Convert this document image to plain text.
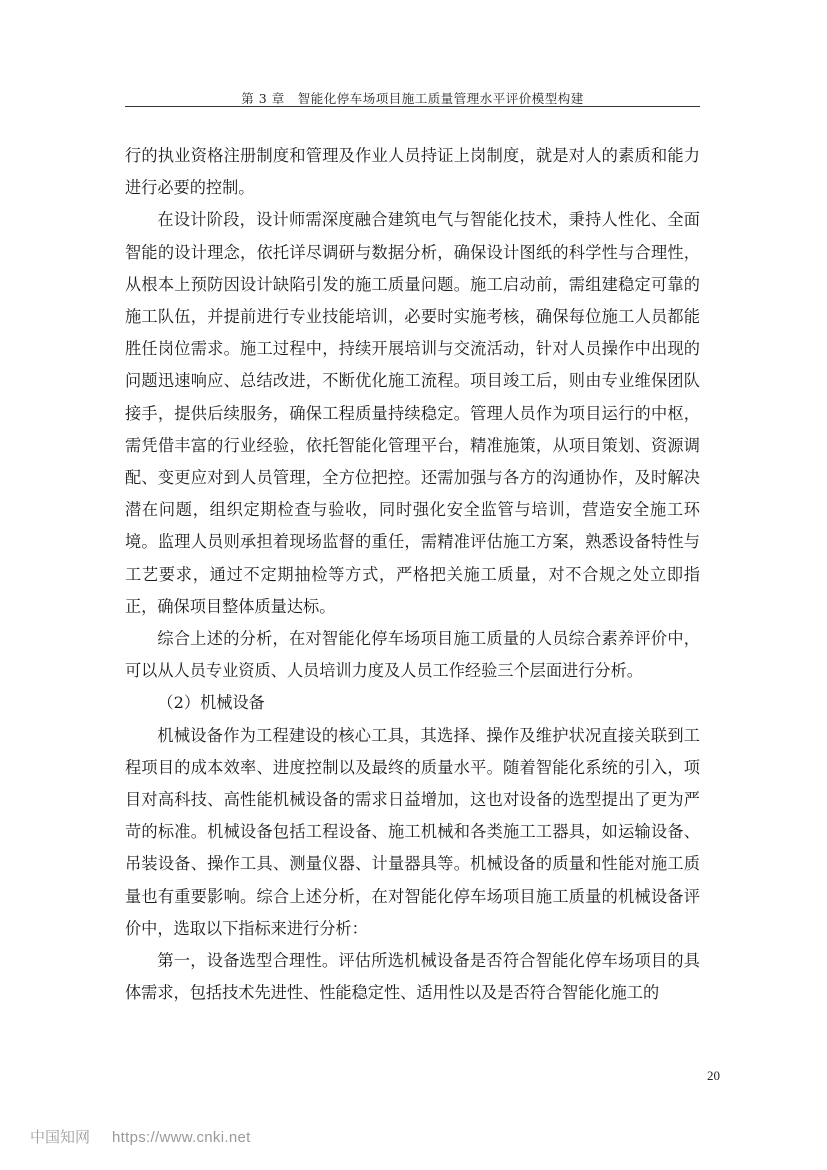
第 3 章　智能化停车场项目施工质量管理水平评价模型构建

行的执业资格注册制度和管理及作业人员持证上岗制度，就是对人的素质和能力进行必要的控制。

在设计阶段，设计师需深度融合建筑电气与智能化技术，秉持人性化、全面智能的设计理念，依托详尽调研与数据分析，确保设计图纸的科学性与合理性，从根本上预防因设计缺陷引发的施工质量问题。施工启动前，需组建稳定可靠的施工队伍，并提前进行专业技能培训，必要时实施考核，确保每位施工人员都能胜任岗位需求。施工过程中，持续开展培训与交流活动，针对人员操作中出现的问题迅速响应、总结改进，不断优化施工流程。项目竣工后，则由专业维保团队接手，提供后续服务，确保工程质量持续稳定。管理人员作为项目运行的中枢，需凭借丰富的行业经验，依托智能化管理平台，精准施策，从项目策划、资源调配、变更应对到人员管理，全方位把控。还需加强与各方的沟通协作，及时解决潜在问题，组织定期检查与验收，同时强化安全监管与培训，营造安全施工环境。监理人员则承担着现场监督的重任，需精准评估施工方案，熟悉设备特性与工艺要求，通过不定期抽检等方式，严格把关施工质量，对不合规之处立即指正，确保项目整体质量达标。

综合上述的分析，在对智能化停车场项目施工质量的人员综合素养评价中，可以从人员专业资质、人员培训力度及人员工作经验三个层面进行分析。

（2）机械设备

机械设备作为工程建设的核心工具，其选择、操作及维护状况直接关联到工程项目的成本效率、进度控制以及最终的质量水平。随着智能化系统的引入，项目对高科技、高性能机械设备的需求日益增加，这也对设备的选型提出了更为严苛的标准。机械设备包括工程设备、施工机械和各类施工工器具，如运输设备、吊装设备、操作工具、测量仪器、计量器具等。机械设备的质量和性能对施工质量也有重要影响。综合上述分析，在对智能化停车场项目施工质量的机械设备评价中，选取以下指标来进行分析：

第一，设备选型合理性。评估所选机械设备是否符合智能化停车场项目的具体需求，包括技术先进性、性能稳定性、适用性以及是否符合智能化施工的

20
中国知网 https://www.cnki.net
